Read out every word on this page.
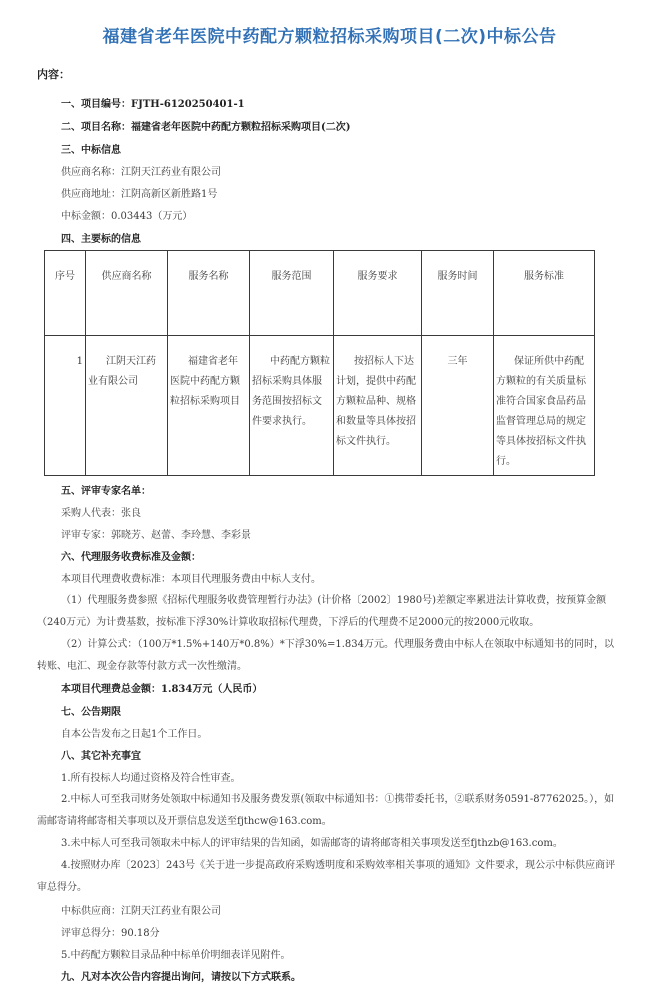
福建省老年医院中药配方颗粒招标采购项目(二次)中标公告
内容：
一、项目编号：FJTH-6120250401-1
二、项目名称：福建省老年医院中药配方颗粒招标采购项目(二次)
三、中标信息
供应商名称：江阴天江药业有限公司
供应商地址：江阴高新区新胜路1号
中标金额：0.03443（万元）
四、主要标的信息
序号	供应商名称	服务名称	服务范围	服务要求	服务时间	服务标准
1	江阴天江药业有限公司	福建省老年医院中药配方颗粒招标采购项目	中药配方颗粒招标采购具体服务范围按招标文件要求执行。	按招标人下达计划，提供中药配方颗粒品种、规格和数量等具体按招标文件执行。	三年	保证所供中药配方颗粒的有关质量标准符合国家食品药品监督管理总局的规定等具体按招标文件执行。
五、评审专家名单：
采购人代表：张良
评审专家：郭晓芳、赵蕾、李玲慧、李彩景
六、代理服务收费标准及金额：
本项目代理费收费标准：本项目代理服务费由中标人支付。
（1）代理服务费参照《招标代理服务收费管理暂行办法》(计价格〔2002〕1980号)差额定率累进法计算收费，按预算金额（240万元）为计费基数，按标准下浮30%计算收取招标代理费，下浮后的代理费不足2000元的按2000元收取。
（2）计算公式：（100万*1.5%+140万*0.8%）*下浮30%=1.834万元。代理服务费由中标人在领取中标通知书的同时，以转账、电汇、现金存款等付款方式一次性缴清。
本项目代理费总金额：1.834万元（人民币）
七、公告期限
自本公告发布之日起1个工作日。
八、其它补充事宜
1.所有投标人均通过资格及符合性审查。
2.中标人可至我司财务处领取中标通知书及服务费发票(领取中标通知书：①携带委托书，②联系财务0591-87762025。），如需邮寄请将邮寄相关事项以及开票信息发送至fjthcw@163.com。
3.未中标人可至我司领取未中标人的评审结果的告知函，如需邮寄的请将邮寄相关事项发送至fjthzb@163.com。
4.按照财办库〔2023〕243号《关于进一步提高政府采购透明度和采购效率相关事项的通知》文件要求，现公示中标供应商评审总得分。
中标供应商：江阴天江药业有限公司
评审总得分：90.18分
5.中药配方颗粒目录品种中标单价明细表详见附件。
九、凡对本次公告内容提出询问，请按以下方式联系。
